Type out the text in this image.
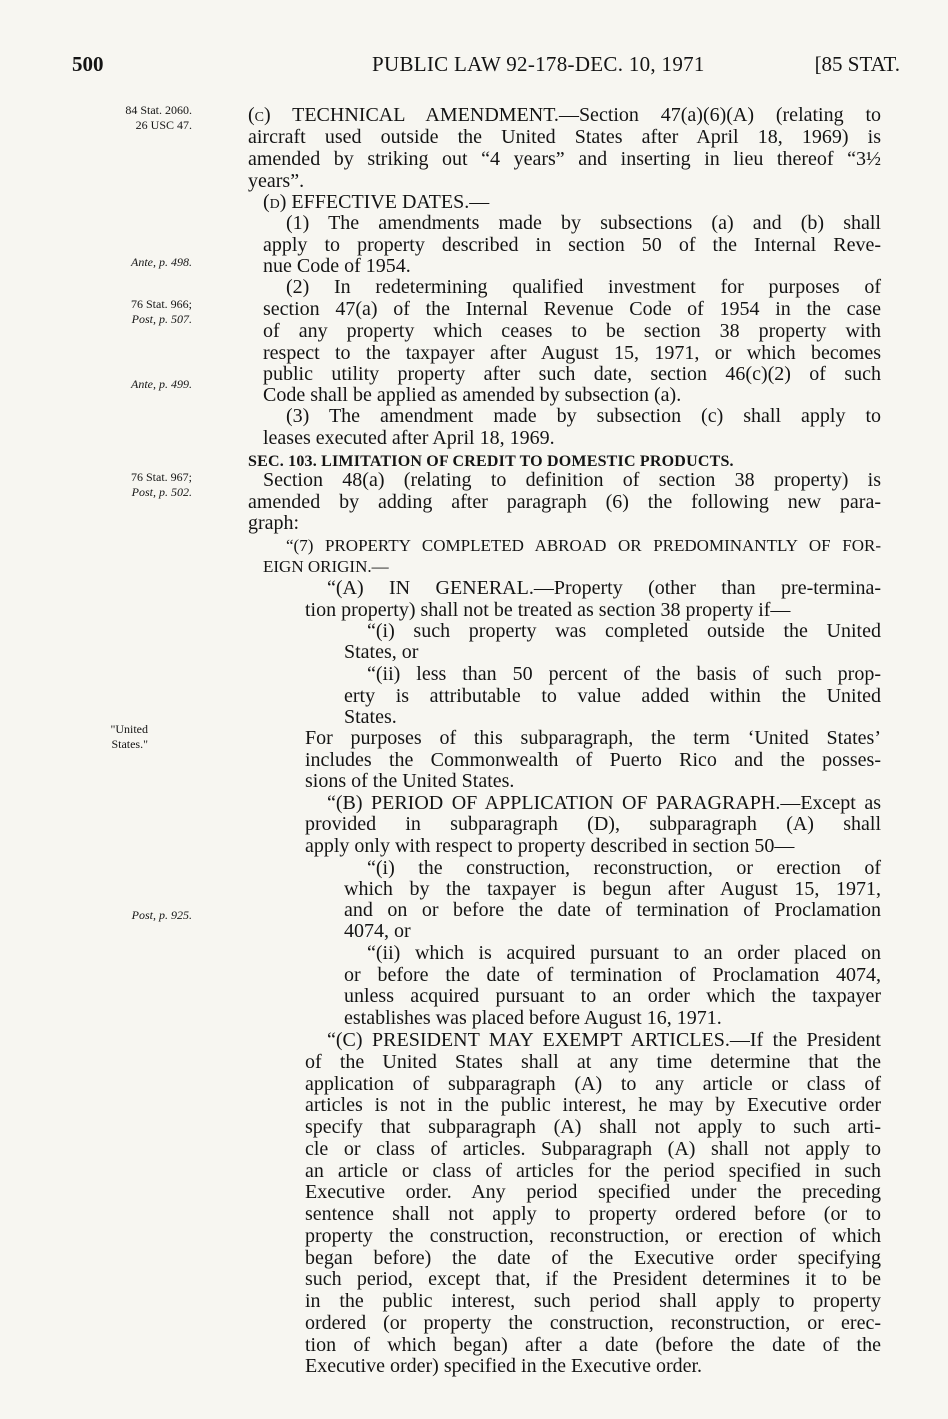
500	PUBLIC LAW 92-178-DEC. 10, 1971	[85 STAT.
84 Stat. 2060.
26 USC 47.
Ante, p. 498.
76 Stat. 966;
Post, p. 507.
Ante, p. 499.
76 Stat. 967;
Post, p. 502.
"United
States."
Post, p. 925.
(c) TECHNICAL AMENDMENT.—Section 47(a)(6)(A) (relating to
aircraft used outside the United States after April 18, 1969) is
amended by striking out “4 years” and inserting in lieu thereof “3½
years”.
(d) EFFECTIVE DATES.—
(1) The amendments made by subsections (a) and (b) shall
apply to property described in section 50 of the Internal Reve-
nue Code of 1954.
(2) In redetermining qualified investment for purposes of
section 47(a) of the Internal Revenue Code of 1954 in the case
of any property which ceases to be section 38 property with
respect to the taxpayer after August 15, 1971, or which becomes
public utility property after such date, section 46(c)(2) of such
Code shall be applied as amended by subsection (a).
(3) The amendment made by subsection (c) shall apply to
leases executed after April 18, 1969.
SEC. 103. LIMITATION OF CREDIT TO DOMESTIC PRODUCTS.
Section 48(a) (relating to definition of section 38 property) is
amended by adding after paragraph (6) the following new para-
graph:
“(7) PROPERTY COMPLETED ABROAD OR PREDOMINANTLY OF FOR-
EIGN ORIGIN.—
“(A) IN GENERAL.—Property (other than pre-termina-
tion property) shall not be treated as section 38 property if—
“(i) such property was completed outside the United
States, or
“(ii) less than 50 percent of the basis of such prop-
erty is attributable to value added within the United
States.
For purposes of this subparagraph, the term ‘United States’
includes the Commonwealth of Puerto Rico and the posses-
sions of the United States.
“(B) PERIOD OF APPLICATION OF PARAGRAPH.—Except as
provided in subparagraph (D), subparagraph (A) shall
apply only with respect to property described in section 50—
“(i) the construction, reconstruction, or erection of
which by the taxpayer is begun after August 15, 1971,
and on or before the date of termination of Proclamation
4074, or
“(ii) which is acquired pursuant to an order placed on
or before the date of termination of Proclamation 4074,
unless acquired pursuant to an order which the taxpayer
establishes was placed before August 16, 1971.
“(C) PRESIDENT MAY EXEMPT ARTICLES.—If the President
of the United States shall at any time determine that the
application of subparagraph (A) to any article or class of
articles is not in the public interest, he may by Executive order
specify that subparagraph (A) shall not apply to such arti-
cle or class of articles. Subparagraph (A) shall not apply to
an article or class of articles for the period specified in such
Executive order. Any period specified under the preceding
sentence shall not apply to property ordered before (or to
property the construction, reconstruction, or erection of which
began before) the date of the Executive order specifying
such period, except that, if the President determines it to be
in the public interest, such period shall apply to property
ordered (or property the construction, reconstruction, or erec-
tion of which began) after a date (before the date of the
Executive order) specified in the Executive order.
